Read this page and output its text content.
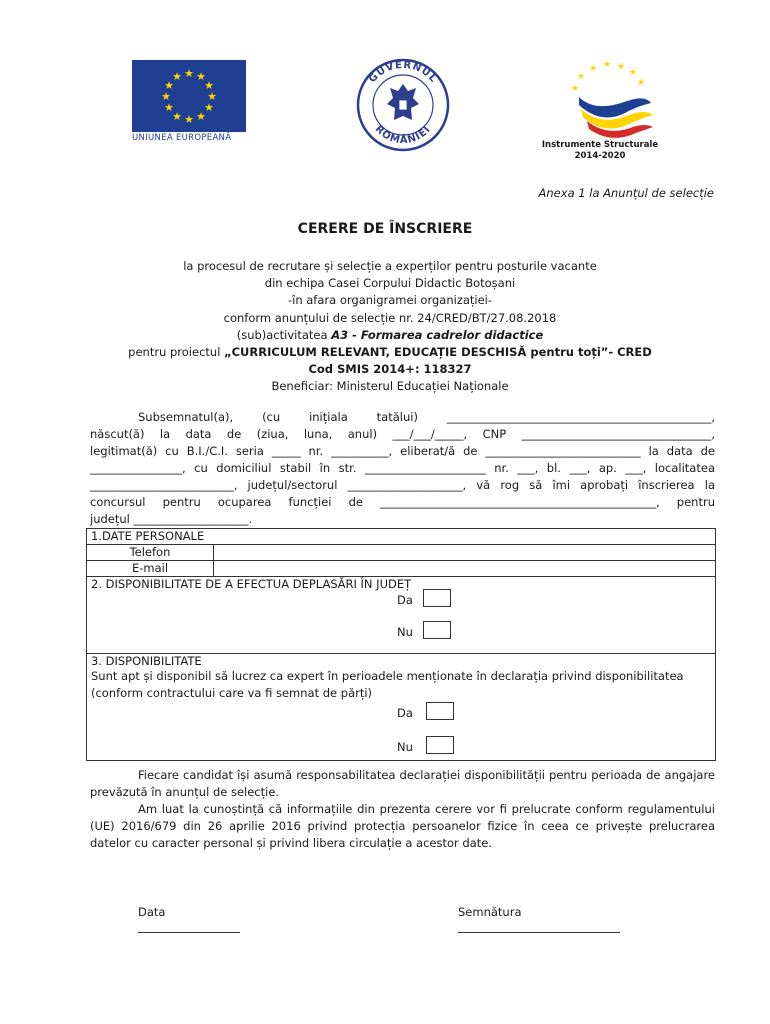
★ ★
★
★
★
★
★
★
★
★
★
★
UNIUNEA EUROPEANĂ
GUVERNUL
ROMÂNIEI
★ ★
★
★
★
★
★
Instrumente Structurale
2014-2020
Anexa 1 la Anunțul de selecție
CERERE DE ÎNSCRIERE
la procesul de recrutare și selecție a experților pentru posturile vacante
din echipa Casei Corpului Didactic Botoșani
-în afara organigramei organizației-
conform anunțului de selecție nr. 24/CRED/BT/27.08.2018
(sub)activitatea A3 - Formarea cadrelor didactice
pentru proiectul „CURRICULUM RELEVANT, EDUCAȚIE DESCHISĂ pentru toți”- CRED
Cod SMIS 2014+: 118327
Beneficiar: Ministerul Educației Naționale

Subsemnatul(a), (cu inițiala tatălui) ______________________________________________,

născut(ă) la data de (ziua, luna, anul) ___/___/_____, CNP _________________________________,

legitimat(ă) cu B.I./C.I. seria _____ nr. __________, eliberat/ă de ___________________________ la data de

________________, cu domiciliul stabil în str. _____________________ nr. ___, bl. ___, ap. ___, localitatea

_________________________, județul/sectorul ____________________, vă rog să îmi aprobați înscrierea la

concursul pentru ocuparea funcției de ________________________________________________, pentru

județul ____________________.

1.DATE PERSONALE	
Telefon	
E-mail	

2. DISPONIBILITATE DE A EFECTUA DEPLASĂRI ÎN JUDEȚ
Da
Nu	

3. DISPONIBILITATE
Sunt apt și disponibil să lucrez ca expert în perioadele menționate în declarația privind disponibilitatea
(conform contractului care va fi semnat de părți)
Da
Nu	

Fiecare candidat își asumă responsabilitatea declarației disponibilității pentru perioada de angajare prevăzută în anunțul de selecție.

Am luat la cunoștință că informațiile din prezenta cerere vor fi prelucrate conform regulamentului (UE) 2016/679 din 26 aprilie 2016 privind protecția persoanelor fizice în ceea ce privește prelucrarea datelor cu caracter personal și privind libera circulație a acestor date.

Data	Semnătura
